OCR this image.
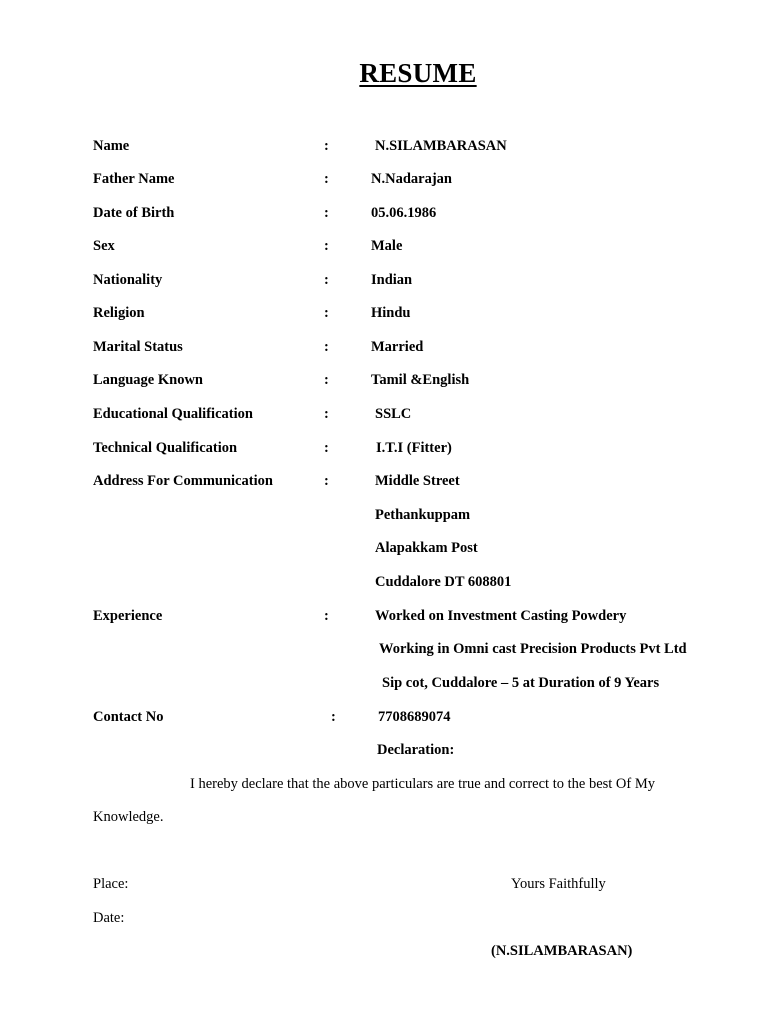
RESUME
Name	:	N.SILAMBARASAN
Father Name	:	N.Nadarajan
Date of Birth	:	05.06.1986
Sex	:	Male
Nationality	:	Indian
Religion	:	Hindu
Marital Status	:	Married
Language Known	:	Tamil &English
Educational Qualification	:	SSLC
Technical Qualification	:	I.T.I (Fitter)
Address For Communication	:	Middle Street
Pethankuppam
Alapakkam Post
Cuddalore DT 608801
Experience	:	Worked on Investment Casting Powdery
Working in Omni cast Precision Products Pvt Ltd
Sip cot, Cuddalore – 5 at Duration of 9 Years
Contact No	:	7708689074
Declaration:
I hereby declare that the above particulars are true and correct to the best Of My
Knowledge.
Place:	Yours Faithfully
Date:
(N.SILAMBARASAN)
